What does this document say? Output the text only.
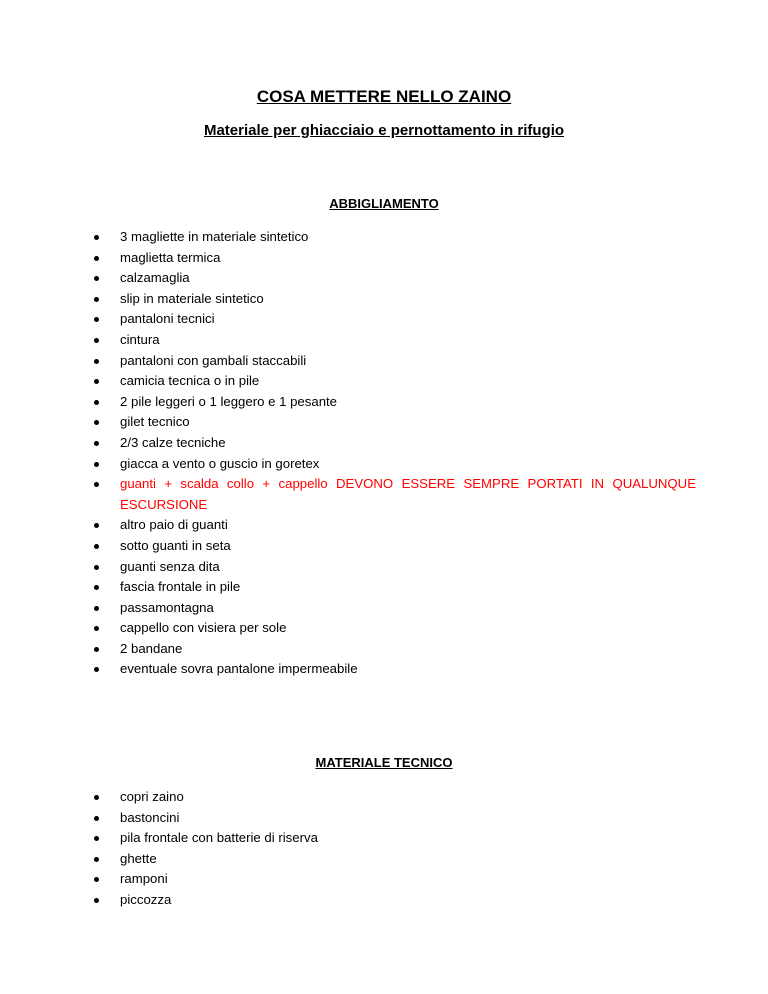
COSA METTERE NELLO ZAINO
Materiale per ghiacciaio e pernottamento in rifugio
ABBIGLIAMENTO
3 magliette in materiale sintetico
maglietta termica
calzamaglia
slip in materiale sintetico
pantaloni tecnici
cintura
pantaloni con gambali staccabili
camicia tecnica o in pile
2 pile leggeri o 1 leggero e 1 pesante
gilet tecnico
2/3 calze tecniche
giacca a vento o guscio in goretex
guanti + scalda collo + cappello DEVONO ESSERE SEMPRE PORTATI IN QUALUNQUE ESCURSIONE
altro paio di guanti
sotto guanti in seta
guanti senza dita
fascia frontale in pile
passamontagna
cappello con visiera per sole
2 bandane
eventuale sovra pantalone impermeabile
MATERIALE TECNICO
copri zaino
bastoncini
pila frontale con batterie di riserva
ghette
ramponi
piccozza
